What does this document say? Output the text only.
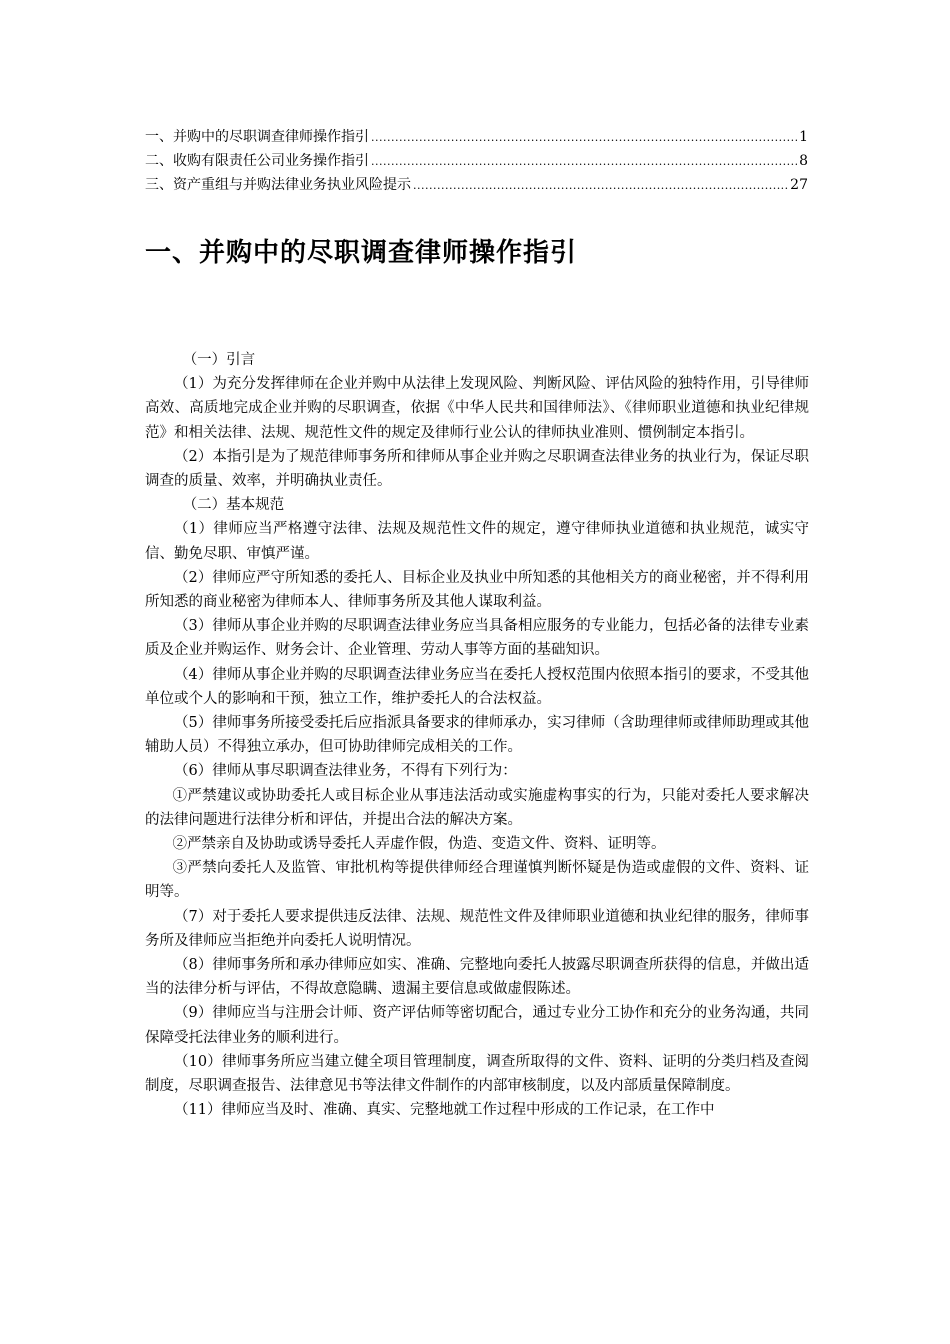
一、并购中的尽职调查律师操作指引 .....	1
二、收购有限责任公司业务操作指引 .....	8
三、资产重组与并购法律业务执业风险提示 .....	27
一、并购中的尽职调查律师操作指引

（一）引言

（1）为充分发挥律师在企业并购中从法律上发现风险、判断风险、评估风险的独特作用，引导律师高效、高质地完成企业并购的尽职调查，依据《中华人民共和国律师法》、《律师职业道德和执业纪律规范》和相关法律、法规、规范性文件的规定及律师行业公认的律师执业准则、惯例制定本指引。

（2）本指引是为了规范律师事务所和律师从事企业并购之尽职调查法律业务的执业行为，保证尽职调查的质量、效率，并明确执业责任。

（二）基本规范

（1）律师应当严格遵守法律、法规及规范性文件的规定，遵守律师执业道德和执业规范，诚实守信、勤免尽职、审慎严谨。

（2）律师应严守所知悉的委托人、目标企业及执业中所知悉的其他相关方的商业秘密，并不得利用所知悉的商业秘密为律师本人、律师事务所及其他人谋取利益。

（3）律师从事企业并购的尽职调查法律业务应当具备相应服务的专业能力，包括必备的法律专业素质及企业并购运作、财务会计、企业管理、劳动人事等方面的基础知识。

（4）律师从事企业并购的尽职调查法律业务应当在委托人授权范围内依照本指引的要求，不受其他单位或个人的影响和干预，独立工作，维护委托人的合法权益。

（5）律师事务所接受委托后应指派具备要求的律师承办，实习律师（含助理律师或律师助理或其他辅助人员）不得独立承办，但可协助律师完成相关的工作。

（6）律师从事尽职调查法律业务，不得有下列行为：

①严禁建议或协助委托人或目标企业从事违法活动或实施虚构事实的行为，只能对委托人要求解决的法律问题进行法律分析和评估，并提出合法的解决方案。

②严禁亲自及协助或诱导委托人弄虚作假，伪造、变造文件、资料、证明等。

③严禁向委托人及监管、审批机构等提供律师经合理谨慎判断怀疑是伪造或虚假的文件、资料、证明等。

（7）对于委托人要求提供违反法律、法规、规范性文件及律师职业道德和执业纪律的服务，律师事务所及律师应当拒绝并向委托人说明情况。

（8）律师事务所和承办律师应如实、准确、完整地向委托人披露尽职调查所获得的信息，并做出适当的法律分析与评估，不得故意隐瞒、遗漏主要信息或做虚假陈述。

（9）律师应当与注册会计师、资产评估师等密切配合，通过专业分工协作和充分的业务沟通，共同保障受托法律业务的顺利进行。

（10）律师事务所应当建立健全项目管理制度，调查所取得的文件、资料、证明的分类归档及查阅制度，尽职调查报告、法律意见书等法律文件制作的内部审核制度，以及内部质量保障制度。

（11）律师应当及时、准确、真实、完整地就工作过程中形成的工作记录，在工作中
